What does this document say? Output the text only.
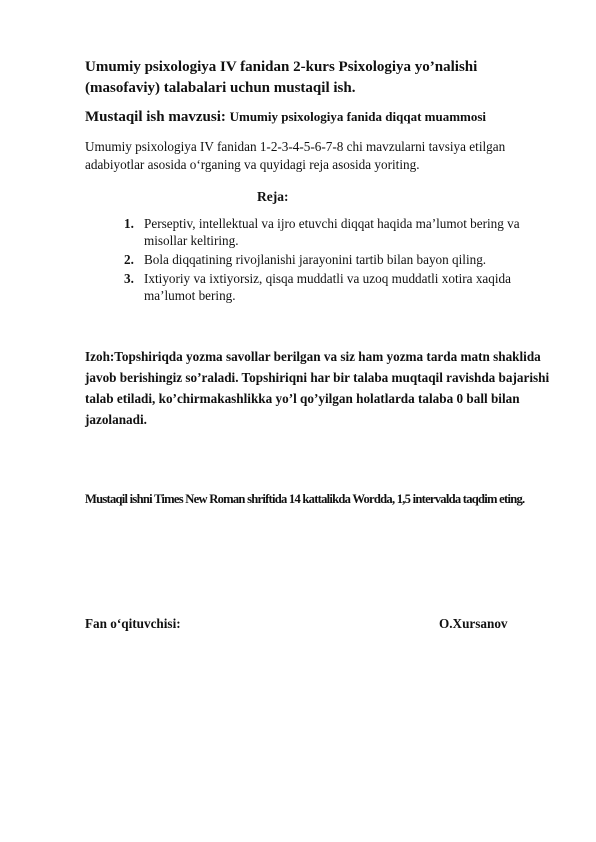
Umumiy psixologiya IV fanidan 2-kurs Psixologiya yo’nalishi (masofaviy) talabalari uchun mustaqil ish.
Mustaqil ish mavzusi: Umumiy psixologiya fanida diqqat muammosi
Umumiy psixologiya IV fanidan 1-2-3-4-5-6-7-8 chi mavzularni tavsiya etilgan adabiyotlar asosida o‘rganing va quyidagi reja asosida yoriting.
Reja:
1. Perseptiv, intellektual va ijro etuvchi diqqat haqida ma’lumot bering va misollar keltiring.
2. Bola diqqatining rivojlanishi jarayonini tartib bilan bayon qiling.
3. Ixtiyoriy va ixtiyorsiz, qisqa muddatli va uzoq muddatli xotira xaqida ma’lumot bering.
Izoh:Topshiriqda yozma savollar berilgan va siz ham yozma tarda matn shaklida javob berishingiz so’raladi. Topshiriqni har bir talaba muqtaqil ravishda bajarishi talab etiladi, ko’chirmakashlikka yo’l qo’yilgan holatlarda talaba 0 ball bilan jazolanadi.
Mustaqil ishni Times New Roman shriftida 14 kattalikda Wordda, 1,5 intervalda taqdim eting.
Fan o‘qituvchisi:	O.Xursanov
